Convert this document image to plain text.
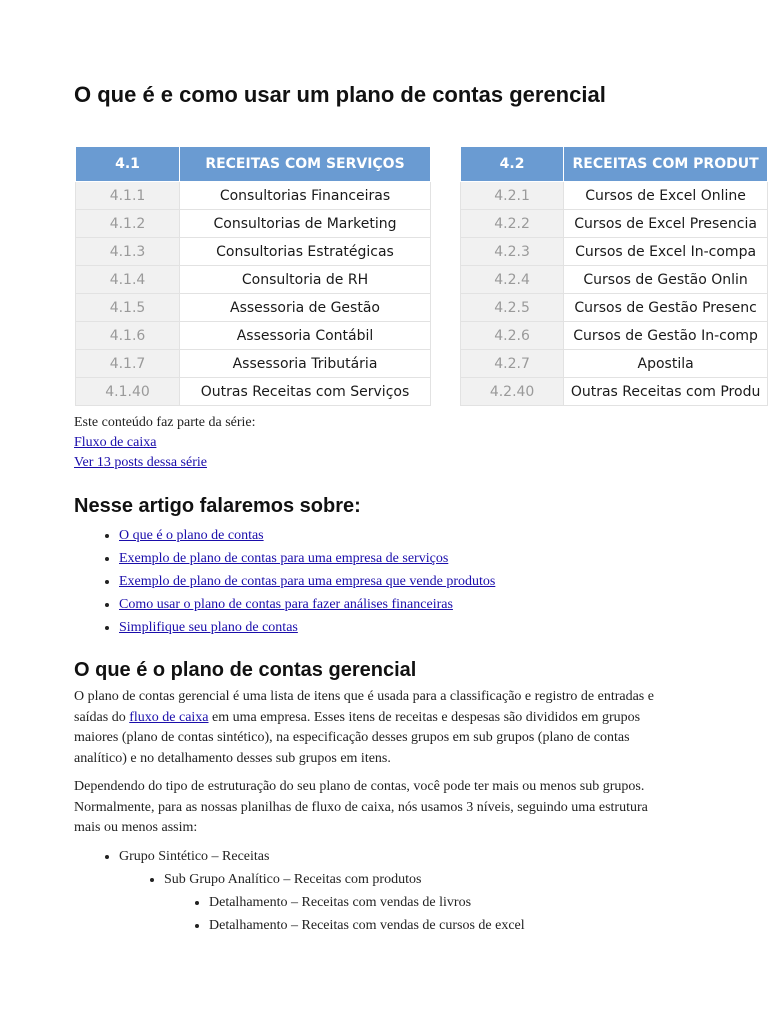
O que é e como usar um plano de contas gerencial
4.1	RECEITAS COM SERVIÇOS
4.1.1	Consultorias Financeiras
4.1.2	Consultorias de Marketing
4.1.3	Consultorias Estratégicas
4.1.4	Consultoria de RH
4.1.5	Assessoria de Gestão
4.1.6	Assessoria Contábil
4.1.7	Assessoria Tributária
4.1.40	Outras Receitas com Serviços
4.2	RECEITAS COM PRODUT
4.2.1	Cursos de Excel Online
4.2.2	Cursos de Excel Presencia
4.2.3	Cursos de Excel In-compa
4.2.4	Cursos de Gestão Onlin
4.2.5	Cursos de Gestão Presenc
4.2.6	Cursos de Gestão In-comp
4.2.7	Apostila
4.2.40	Outras Receitas com Produ
Este conteúdo faz parte da série:
Fluxo de caixa
Ver 13 posts dessa série
Nesse artigo falaremos sobre:
• O que é o plano de contas
• Exemplo de plano de contas para uma empresa de serviços
• Exemplo de plano de contas para uma empresa que vende produtos
• Como usar o plano de contas para fazer análises financeiras
• Simplifique seu plano de contas
O que é o plano de contas gerencial

O plano de contas gerencial é uma lista de itens que é usada para a classificação e registro de entradas e saídas do fluxo de caixa em uma empresa. Esses itens de receitas e despesas são divididos em grupos maiores (plano de contas sintético), na especificação desses grupos em sub grupos (plano de contas analítico) e no detalhamento desses sub grupos em itens.

Dependendo do tipo de estruturação do seu plano de contas, você pode ter mais ou menos sub grupos. Normalmente, para as nossas planilhas de fluxo de caixa, nós usamos 3 níveis, seguindo uma estrutura mais ou menos assim:

• Grupo Sintético – Receitas
• Sub Grupo Analítico – Receitas com produtos
• Detalhamento – Receitas com vendas de livros
• Detalhamento – Receitas com vendas de cursos de excel
